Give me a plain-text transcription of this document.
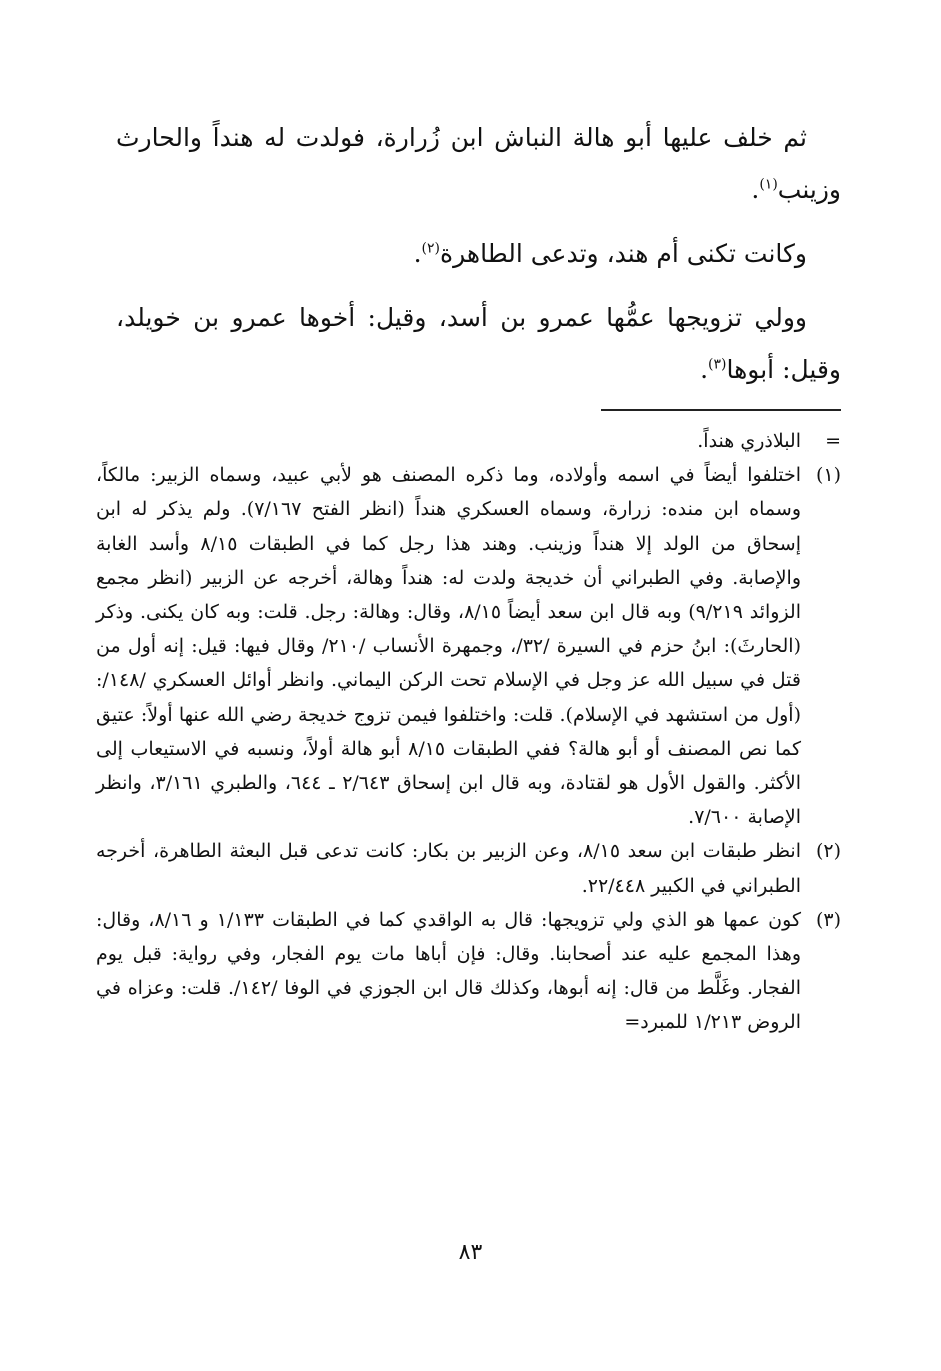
ثم خلف عليها أبو هالة النباش ابن زُرارة، فولدت له هنداً والحارث وزينب$^{(١)}$.

وكانت تكنى أم هند، وتدعى الطاهرة$^{(٢)}$.

وولي تزويجها عمُّها عمرو بن أسد، وقيل: أخوها عمرو بن خويلد، وقيل: أبوها$^{(٣)}$.

=
البلاذري هنداً.
(١)
اختلفوا أيضاً في اسمه وأولاده، وما ذكره المصنف هو لأبي عبيد، وسماه الزبير: مالكاً، وسماه ابن منده: زرارة، وسماه العسكري هنداً (انظر الفتح ٧/١٦٧). ولم يذكر له ابن إسحاق من الولد إلا هنداً وزينب. وهند هذا رجل كما في الطبقات ٨/١٥ وأسد الغابة والإصابة. وفي الطبراني أن خديجة ولدت له: هنداً وهالة، أخرجه عن الزبير (انظر مجمع الزوائد ٩/٢١٩) وبه قال ابن سعد أيضاً ٨/١٥، وقال: وهالة: رجل. قلت: وبه كان يكنى. وذكر (الحارثَ): ابنُ حزم في السيرة /٣٢/، وجمهرة الأنساب /٢١٠/ وقال فيها: قيل: إنه أول من قتل في سبيل الله عز وجل في الإسلام تحت الركن اليماني. وانظر أوائل العسكري /١٤٨/: (أول من استشهد في الإسلام). قلت: واختلفوا فيمن تزوج خديجة رضي الله عنها أولاً: عتيق كما نص المصنف أو أبو هالة؟ ففي الطبقات ٨/١٥ أبو هالة أولاً، ونسبه في الاستيعاب إلى الأكثر. والقول الأول هو لقتادة، وبه قال ابن إسحاق ٢/٦٤٣ ـ ٦٤٤، والطبري ٣/١٦١، وانظر الإصابة ٧/٦٠٠.
(٢)
انظر طبقات ابن سعد ٨/١٥، وعن الزبير بن بكار: كانت تدعى قبل البعثة الطاهرة، أخرجه الطبراني في الكبير ٢٢/٤٤٨.
(٣)
كون عمها هو الذي ولي تزويجها: قال به الواقدي كما في الطبقات ١/١٣٣ و ٨/١٦، وقال: وهذا المجمع عليه عند أصحابنا. وقال: فإن أباها مات يوم الفجار، وفي رواية: قبل يوم الفجار. وغَلَّط من قال: إنه أبوها، وكذلك قال ابن الجوزي في الوفا /١٤٢/. قلت: وعزاه في الروض ١/٢١٣ للمبرد=
٨٣
